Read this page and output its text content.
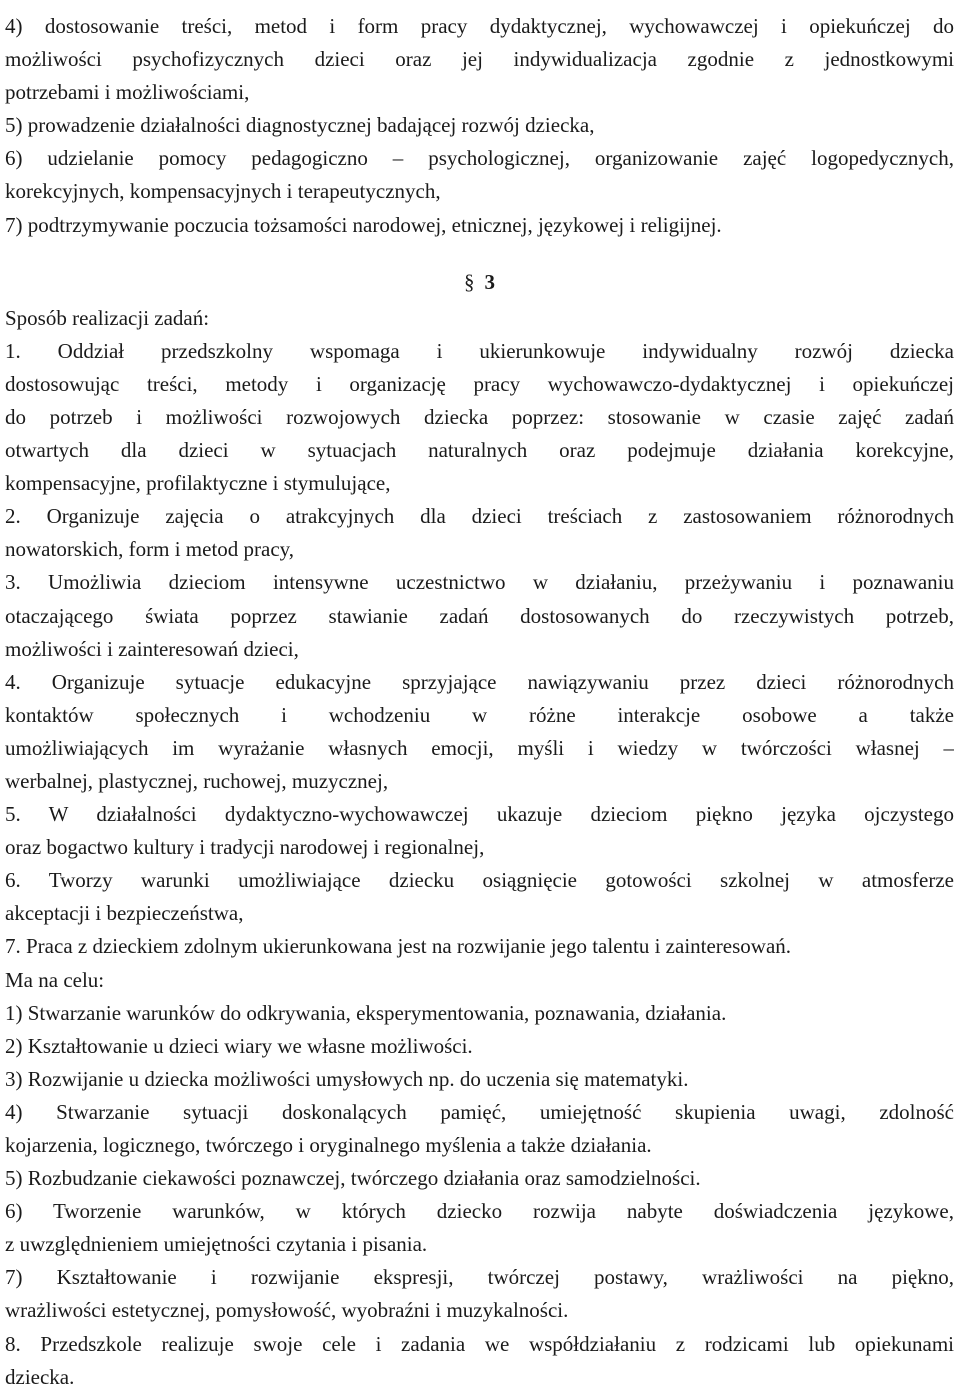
4) dostosowanie treści, metod i form pracy dydaktycznej, wychowawczej i opiekuńczej do
możliwości psychofizycznych dzieci oraz jej indywidualizacja zgodnie z jednostkowymi
potrzebami i możliwościami,
5) prowadzenie działalności diagnostycznej badającej rozwój dziecka,
6) udzielanie pomocy pedagogiczno – psychologicznej, organizowanie zajęć logopedycznych,
korekcyjnych, kompensacyjnych i terapeutycznych,
7) podtrzymywanie poczucia tożsamości narodowej, etnicznej, językowej i religijnej.
§ 3
Sposób realizacji zadań:
1. Oddział przedszkolny wspomaga i ukierunkowuje indywidualny rozwój dziecka
dostosowując treści, metody i organizację pracy wychowawczo-dydaktycznej i opiekuńczej
do potrzeb i możliwości rozwojowych dziecka poprzez: stosowanie w czasie zajęć zadań
otwartych dla dzieci w sytuacjach naturalnych oraz podejmuje działania korekcyjne,
kompensacyjne, profilaktyczne i stymulujące,
2. Organizuje zajęcia o atrakcyjnych dla dzieci treściach z zastosowaniem różnorodnych
nowatorskich, form i metod pracy,
3. Umożliwia dzieciom intensywne uczestnictwo w działaniu, przeżywaniu i poznawaniu
otaczającego świata poprzez stawianie zadań dostosowanych do rzeczywistych potrzeb,
możliwości i zainteresowań dzieci,
4. Organizuje sytuacje edukacyjne sprzyjające nawiązywaniu przez dzieci różnorodnych
kontaktów społecznych i wchodzeniu w różne interakcje osobowe a także
umożliwiających im wyrażanie własnych emocji, myśli i wiedzy w twórczości własnej –
werbalnej, plastycznej, ruchowej, muzycznej,
5. W działalności dydaktyczno-wychowawczej ukazuje dzieciom piękno języka ojczystego
oraz bogactwo kultury i tradycji narodowej i regionalnej,
6. Tworzy warunki umożliwiające dziecku osiągnięcie gotowości szkolnej w atmosferze
akceptacji i bezpieczeństwa,
7. Praca z dzieckiem zdolnym ukierunkowana jest na rozwijanie jego talentu i zainteresowań.
Ma na celu:
1) Stwarzanie warunków do odkrywania, eksperymentowania, poznawania, działania.
2) Kształtowanie u dzieci wiary we własne możliwości.
3) Rozwijanie u dziecka możliwości umysłowych np. do uczenia się matematyki.
4) Stwarzanie sytuacji doskonalących pamięć, umiejętność skupienia uwagi, zdolność
kojarzenia, logicznego, twórczego i oryginalnego myślenia a także działania.
5) Rozbudzanie ciekawości poznawczej, twórczego działania oraz samodzielności.
6) Tworzenie warunków, w których dziecko rozwija nabyte doświadczenia językowe,
z uwzględnieniem umiejętności czytania i pisania.
7) Kształtowanie i rozwijanie ekspresji, twórczej postawy, wrażliwości na piękno,
wrażliwości estetycznej, pomysłowość, wyobraźni i muzykalności.
8. Przedszkole realizuje swoje cele i zadania we współdziałaniu z rodzicami lub opiekunami
dziecka.
